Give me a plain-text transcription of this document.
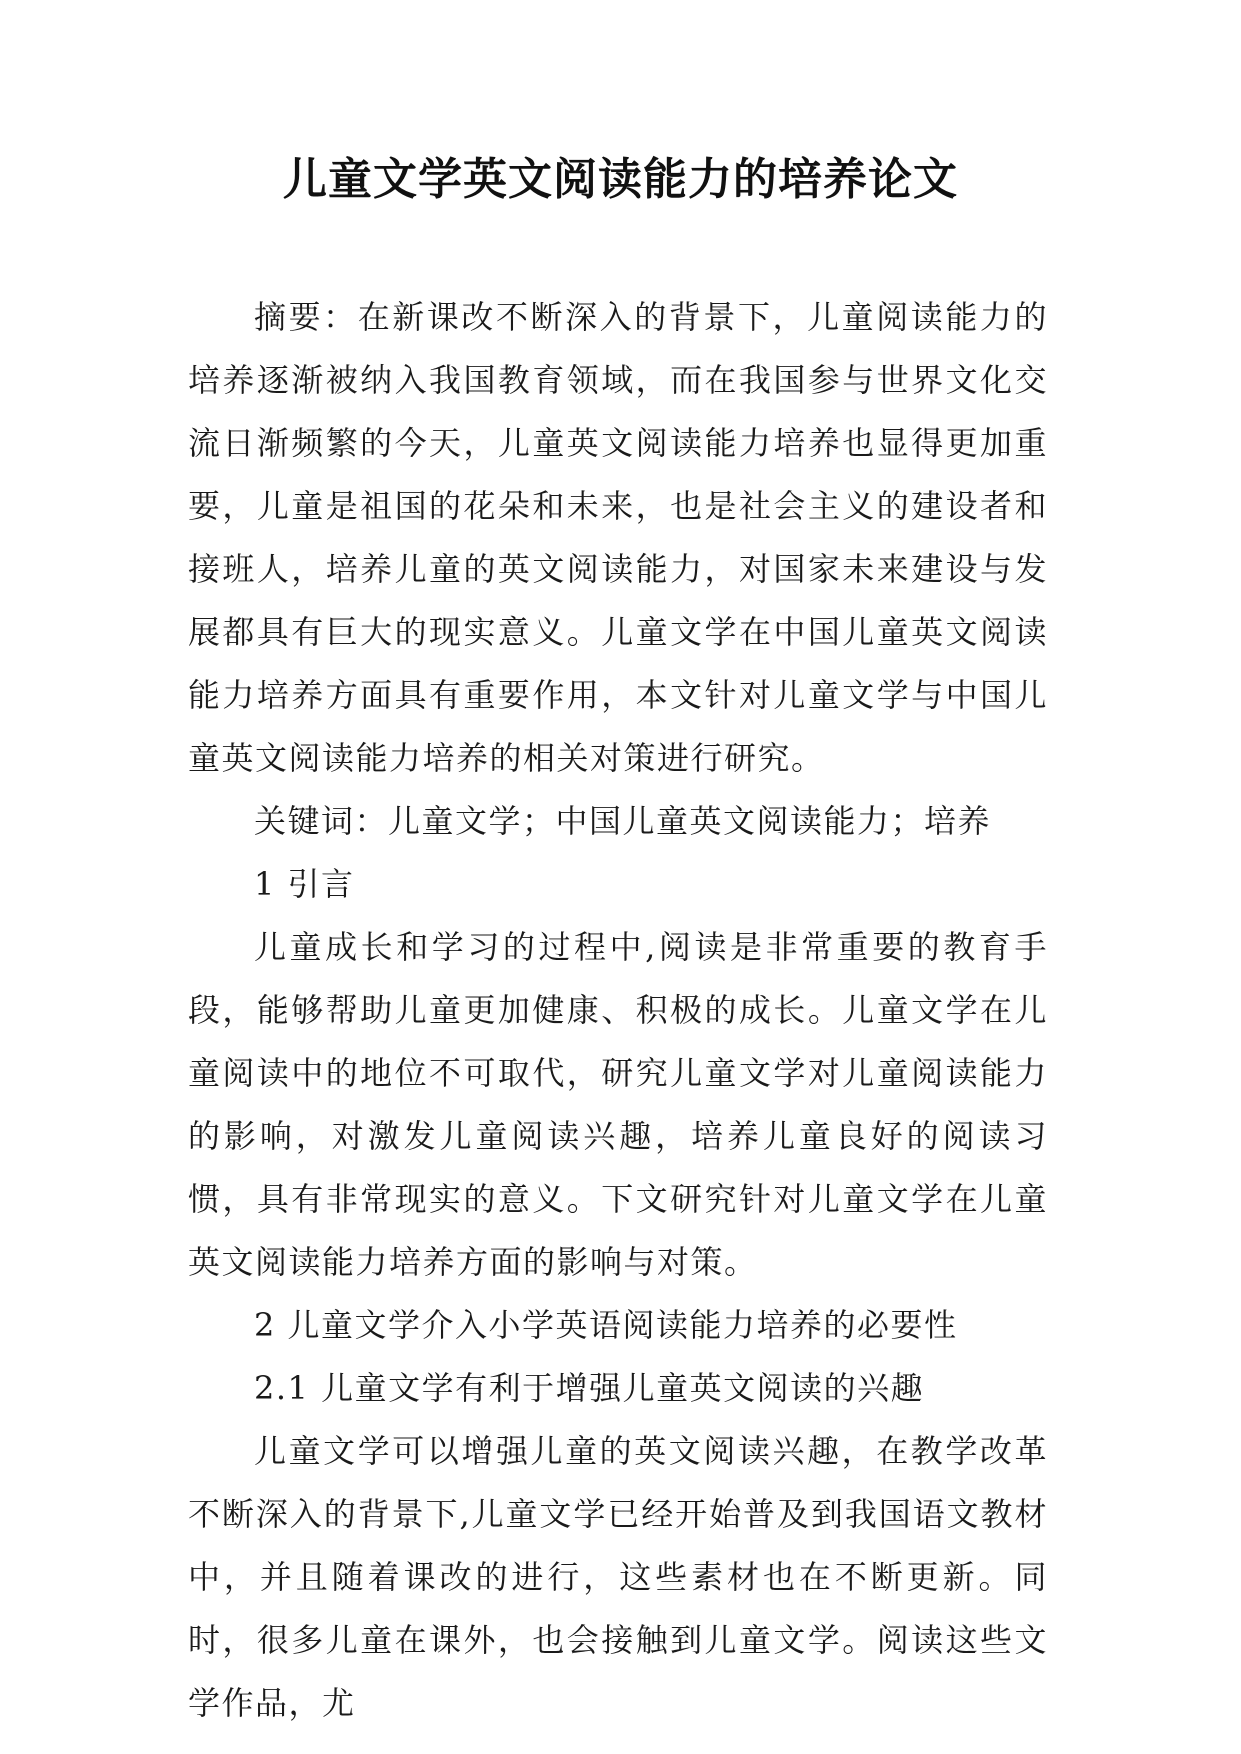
儿童文学英文阅读能力的培养论文

摘要：在新课改不断深入的背景下，儿童阅读能力的培养逐渐被纳入我国教育领域，而在我国参与世界文化交流日渐频繁的今天，儿童英文阅读能力培养也显得更加重要，儿童是祖国的花朵和未来，也是社会主义的建设者和接班人，培养儿童的英文阅读能力，对国家未来建设与发展都具有巨大的现实意义。儿童文学在中国儿童英文阅读能力培养方面具有重要作用，本文针对儿童文学与中国儿童英文阅读能力培养的相关对策进行研究。

关键词：儿童文学；中国儿童英文阅读能力；培养

1 引言

儿童成长和学习的过程中,阅读是非常重要的教育手段，能够帮助儿童更加健康、积极的成长。儿童文学在儿童阅读中的地位不可取代，研究儿童文学对儿童阅读能力的影响，对激发儿童阅读兴趣，培养儿童良好的阅读习惯，具有非常现实的意义。下文研究针对儿童文学在儿童英文阅读能力培养方面的影响与对策。

2 儿童文学介入小学英语阅读能力培养的必要性

2.1 儿童文学有利于增强儿童英文阅读的兴趣

儿童文学可以增强儿童的英文阅读兴趣，在教学改革不断深入的背景下,儿童文学已经开始普及到我国语文教材中，并且随着课改的进行，这些素材也在不断更新。同时，很多儿童在课外，也会接触到儿童文学。阅读这些文学作品，尤
